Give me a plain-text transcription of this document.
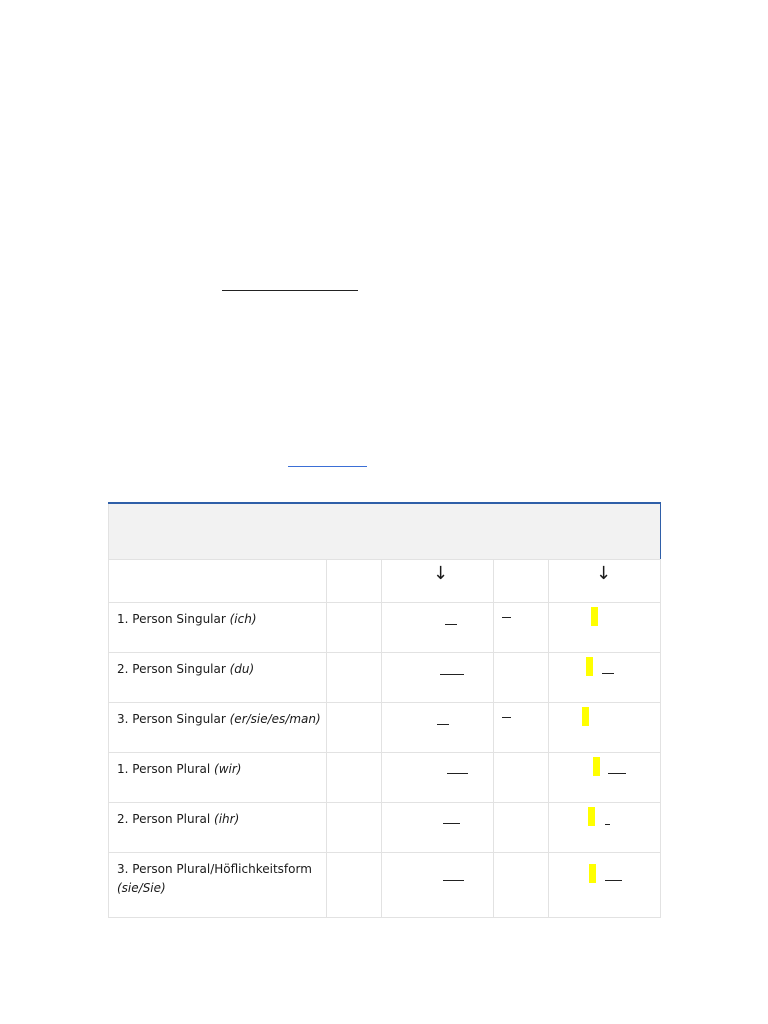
		↓		↓

1. Person Singular (ich)		

2. Person Singular (du)		

3. Person Singular (er/sie/es/man)		

1. Person Plural (wir)		

2. Person Plural (ihr)		

3. Person Plural/Höflichkeitsform (sie/Sie)		
